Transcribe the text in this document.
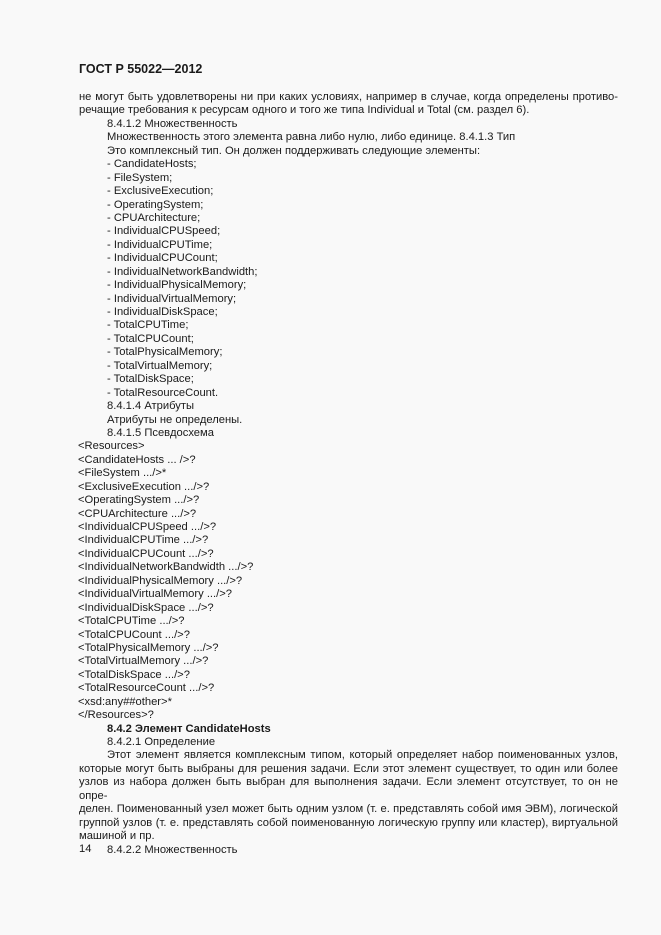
ГОСТ Р 55022—2012
не могут быть удовлетворены ни при каких условиях, например в случае, когда определены противо-
речащие требования к ресурсам одного и того же типа Individual и Total (см. раздел 6).
8.4.1.2 Множественность
Множественность этого элемента равна либо нулю, либо единице. 8.4.1.3 Тип
Это комплексный тип. Он должен поддерживать следующие элементы:
- CandidateHosts;
- FileSystem;
- ExclusiveExecution;
- OperatingSystem;
- CPUArchitecture;
- IndividualCPUSpeed;
- IndividualCPUTime;
- IndividualCPUCount;
- IndividualNetworkBandwidth;
- IndividualPhysicalMemory;
- IndividualVirtualMemory;
- IndividualDiskSpace;
- TotalCPUTime;
- TotalCPUCount;
- TotalPhysicalMemory;
- TotalVirtualMemory;
- TotalDiskSpace;
- TotalResourceCount.
8.4.1.4 Атрибуты
Атрибуты не определены.
8.4.1.5 Псевдосхема
<Resources>
<CandidateHosts ... />?
<FileSystem .../>*
<ExclusiveExecution .../>?
<OperatingSystem .../>?
<CPUArchitecture .../>?
<IndividualCPUSpeed .../>?
<IndividualCPUTime .../>?
<IndividualCPUCount .../>?
<IndividualNetworkBandwidth .../>?
<IndividualPhysicalMemory .../>?
<IndividualVirtualMemory .../>?
<IndividualDiskSpace .../>?
<TotalCPUTime .../>?
<TotalCPUCount .../>?
<TotalPhysicalMemory .../>?
<TotalVirtualMemory .../>?
<TotalDiskSpace .../>?
<TotalResourceCount .../>?
<xsd:any##other>*
</Resources>?
8.4.2 Элемент CandidateHosts
8.4.2.1 Определение
Этот элемент является комплексным типом, который определяет набор поименованных узлов,
которые могут быть выбраны для решения задачи. Если этот элемент существует, то один или более
узлов из набора должен быть выбран для выполнения задачи. Если элемент отсутствует, то он не опре-
делен. Поименованный узел может быть одним узлом (т. е. представлять собой имя ЭВМ), логической
группой узлов (т. е. представлять собой поименованную логическую группу или кластер), виртуальной
машиной и пр.
8.4.2.2 Множественность
14
